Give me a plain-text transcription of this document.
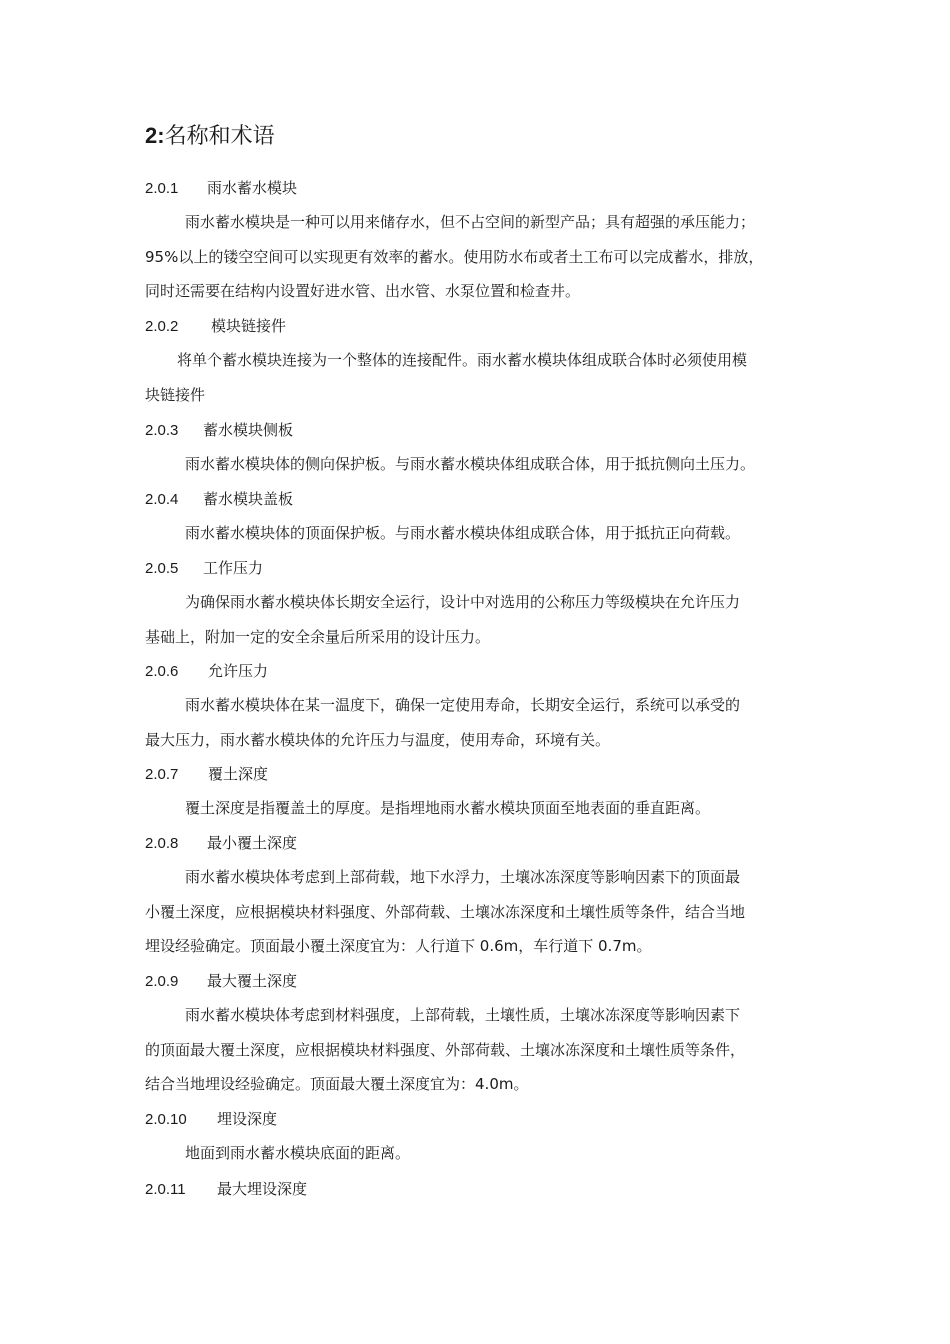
2:名称和术语
2.0.1 雨水蓄水模块
雨水蓄水模块是一种可以用来储存水，但不占空间的新型产品；具有超强的承压能力；
95%以上的镂空空间可以实现更有效率的蓄水。使用防水布或者土工布可以完成蓄水，排放，
同时还需要在结构内设置好进水管、出水管、水泵位置和检查井。
2.0.2 模块链接件
将单个蓄水模块连接为一个整体的连接配件。雨水蓄水模块体组成联合体时必须使用模
块链接件
2.0.3 蓄水模块侧板
雨水蓄水模块体的侧向保护板。与雨水蓄水模块体组成联合体，用于抵抗侧向土压力。
2.0.4 蓄水模块盖板
雨水蓄水模块体的顶面保护板。与雨水蓄水模块体组成联合体，用于抵抗正向荷载。
2.0.5 工作压力
为确保雨水蓄水模块体长期安全运行，设计中对选用的公称压力等级模块在允许压力
基础上，附加一定的安全余量后所采用的设计压力。
2.0.6 允许压力
雨水蓄水模块体在某一温度下，确保一定使用寿命，长期安全运行，系统可以承受的
最大压力，雨水蓄水模块体的允许压力与温度，使用寿命，环境有关。
2.0.7 覆土深度
覆土深度是指覆盖土的厚度。是指埋地雨水蓄水模块顶面至地表面的垂直距离。
2.0.8 最小覆土深度
雨水蓄水模块体考虑到上部荷载，地下水浮力，土壤冰冻深度等影响因素下的顶面最
小覆土深度，应根据模块材料强度、外部荷载、土壤冰冻深度和土壤性质等条件，结合当地
埋设经验确定。顶面最小覆土深度宜为：人行道下 0.6m，车行道下 0.7m。
2.0.9 最大覆土深度
雨水蓄水模块体考虑到材料强度，上部荷载，土壤性质，土壤冰冻深度等影响因素下
的顶面最大覆土深度，应根据模块材料强度、外部荷载、土壤冰冻深度和土壤性质等条件，
结合当地埋设经验确定。顶面最大覆土深度宜为：4.0m。
2.0.10 埋设深度
地面到雨水蓄水模块底面的距离。
2.0.11 最大埋设深度
